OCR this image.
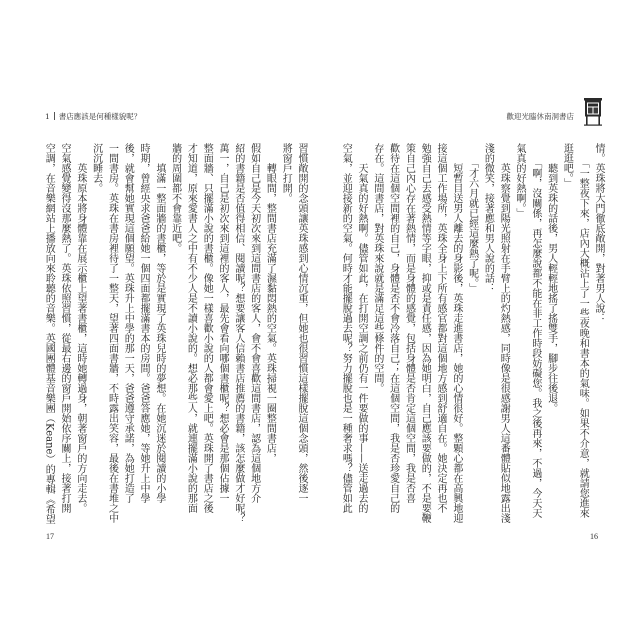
1 書店應該是何種樣貌呢？
習慣敞開的念頭讓英珠感到心情沉重，但她也很習慣這樣擺脫這個念頭，然後逐一
將窗戶打開。
　　轉眼間，整間書店充滿了濕黏悶熱的空氣。英珠掃視一圈整間書店，
假如自己是今天初次來到這間書店的客人，會不會喜歡這間書店，認為這個地方介
紹的書籍是否值得相信、閱讀呢？想要讓客人信賴書店推薦的書籍，該怎麼做才好呢？
萬一，自己是初次來到這裡的客人，最先會看向哪個書櫃呢？想必會是那個佔據一
整面牆、只擺滿小說的書櫃。像她一樣喜歡小說的人都會愛上吧。英珠開了書店之後
才知道，原來愛書人之中有不少人是不讀小說的。想必那些人，就連擺滿小說的那面
牆的周圍都不會靠近吧。
　　填滿一整面牆的書櫃，等於是實現了英珠兒時的夢想。在她沉迷於閱讀的小學
時期，曾經央求爸爸給她一個四面都擺滿書本的房間。爸爸答應她，等她升上中學
後，就會幫她實現這個願望。英珠升上中學的那一天，爸爸遵守承諾，為她打造了
一間書房。英珠在書房裡待了一整天，望著四面書牆，不時露出笑容，最後在書堆之中
沉沉睡去。
　　英珠原本將身體靠在展示櫃上望著書櫃，這時她轉過身，朝著窗戶的方向走去。
空氣感覺變得沒那麼熱了。英珠依照習慣，從最右邊的窗戶開始依序關上，接著打開
空調，在音樂網站上播放向來聆聽的音樂。英國團體基音樂團（Keane）的專輯《希望
17
歡迎光臨休南洞書店
情。英珠將大門徹底敞開，對著男人說：
　　「一整夜下來，店內大概沾上了一些夜晚和書本的氣味。如果不介意，就請您進來
逛逛吧。」
　　聽到英珠的話後，男人輕輕地搖了搖雙手，腳步往後退。
　　「啊，沒關係，再怎麼說都不能在非工作時段妨礙您。我之後再來，不過，今天天
氣真的好熱啊。」
　　英珠察覺到陽光照射在手臂上的灼熱感，同時像是很感謝男人這番體貼似地露出淺
淺的微笑，接著應和男人說的話：
　　「才六月就已經這麼熱了呢。」
　　短暫目送男人離去的身影後，英珠走進書店，她的心情很好。整顆心都在高興地迎
接這個工作場所，英珠全身上下所有感官都對這個地方感到舒適自在。她決定再也不
勉強自己去感受熱情等字眼，抑或是責任感，因為她明白，自己應該要做的，不是要鞭
策自己內心存在著熱情，而是身體的感覺，包括身體是否肯定這個空間，我是否喜
歡待在這個空間裡的自己，身體是否不會冷落自己；在這個空間，我是否珍愛自己的
存在。這間書店，對英珠來說就是滿足這些條件的空間。
　　天氣真的好熱啊。儘管如此，在打開空調之前仍有一件要做的事——送走過去的
空氣，並迎接新的空氣。何時才能擺脫過去呢？努力擺脫也是一種奢求嗎？儘管如此
16
